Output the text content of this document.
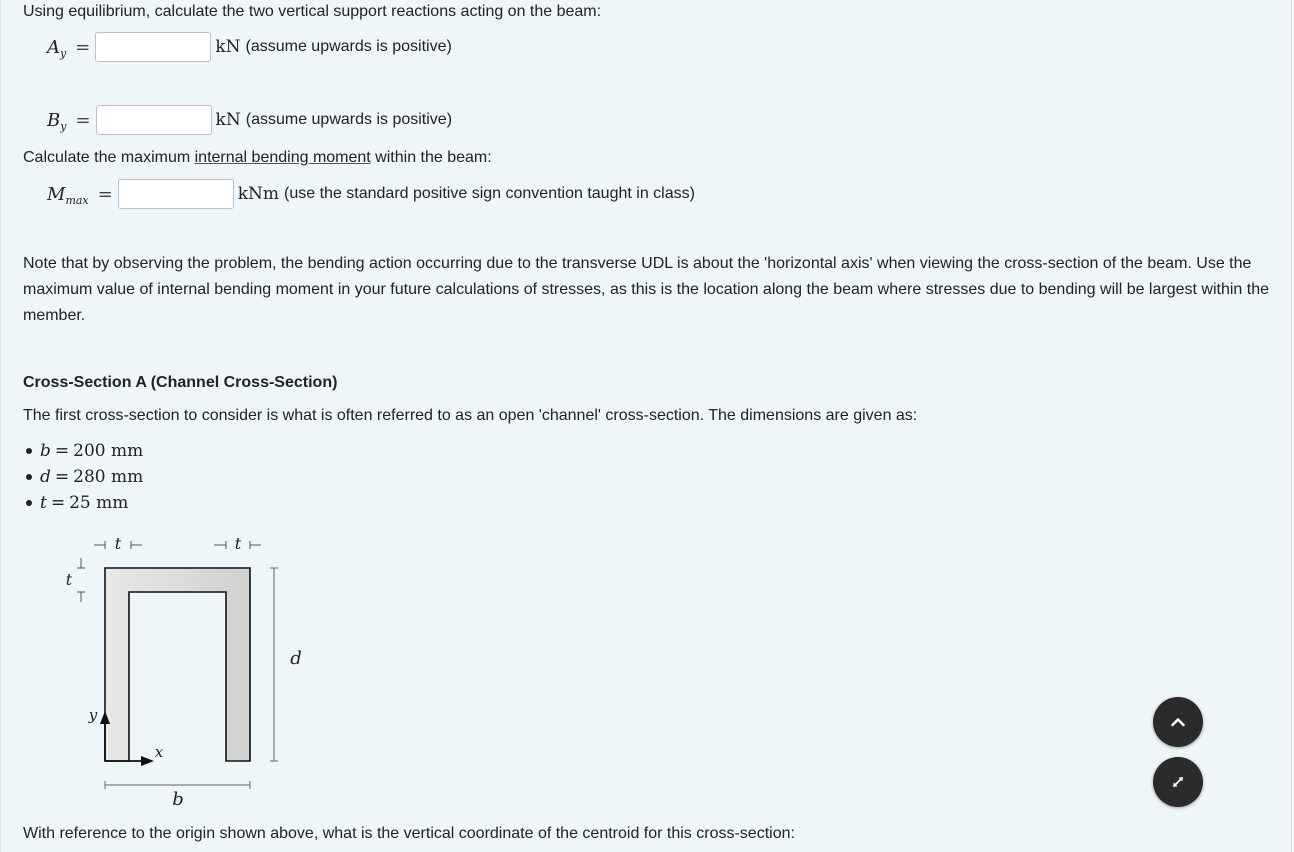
Using equilibrium, calculate the two vertical support reactions acting on the beam:
$A_y$ =	kN (assume upwards is positive)
$B_y$ =	kN (assume upwards is positive)
Calculate the maximum internal bending moment within the beam:
$M_{max}$ =	kNm (use the standard positive sign convention taught in class)
Note that by observing the problem, the bending action occurring due to the transverse UDL is about the 'horizontal axis' when viewing the cross-section of the beam. Use the maximum value of internal bending moment in your future calculations of stresses, as this is the location along the beam where stresses due to bending will be largest within the member.
Cross-Section A (Channel Cross-Section)
The first cross-section to consider is what is often referred to as an open 'channel' cross-section. The dimensions are given as:
b = 200 mm
d = 280 mm
t = 25 mm
t	t
t
d
b
y
x
With reference to the origin shown above, what is the vertical coordinate of the centroid for this cross-section:
